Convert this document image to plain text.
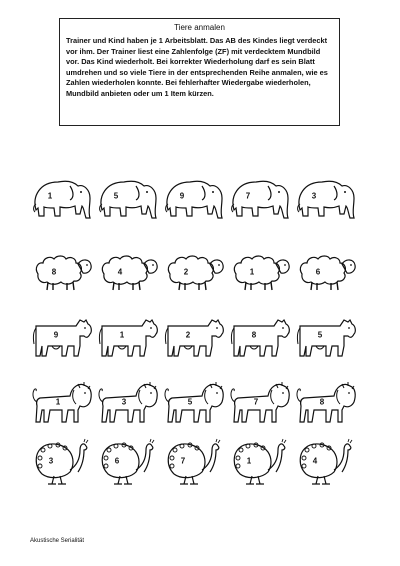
Tiere anmalen

Trainer und Kind haben je 1 Arbeitsblatt. Das AB des Kindes liegt verdeckt vor ihm. Der Trainer liest eine Zahlenfolge (ZF) mit verdecktem Mundbild vor. Das Kind wiederholt. Bei korrekter Wiederholung darf es sein Blatt umdrehen und so viele Tiere in der entsprechenden Reihe anmalen, wie es Zahlen wiederholen konnte. Bei fehlerhafter Wiedergabe wiederholen, Mundbild anbieten oder um 1 Item kürzen.

1	5	9	7	3
8	4	2	1	6
9	1	2	8	5
1	3	5	7	8
3	6	7	1	4
Akustische Serialität
